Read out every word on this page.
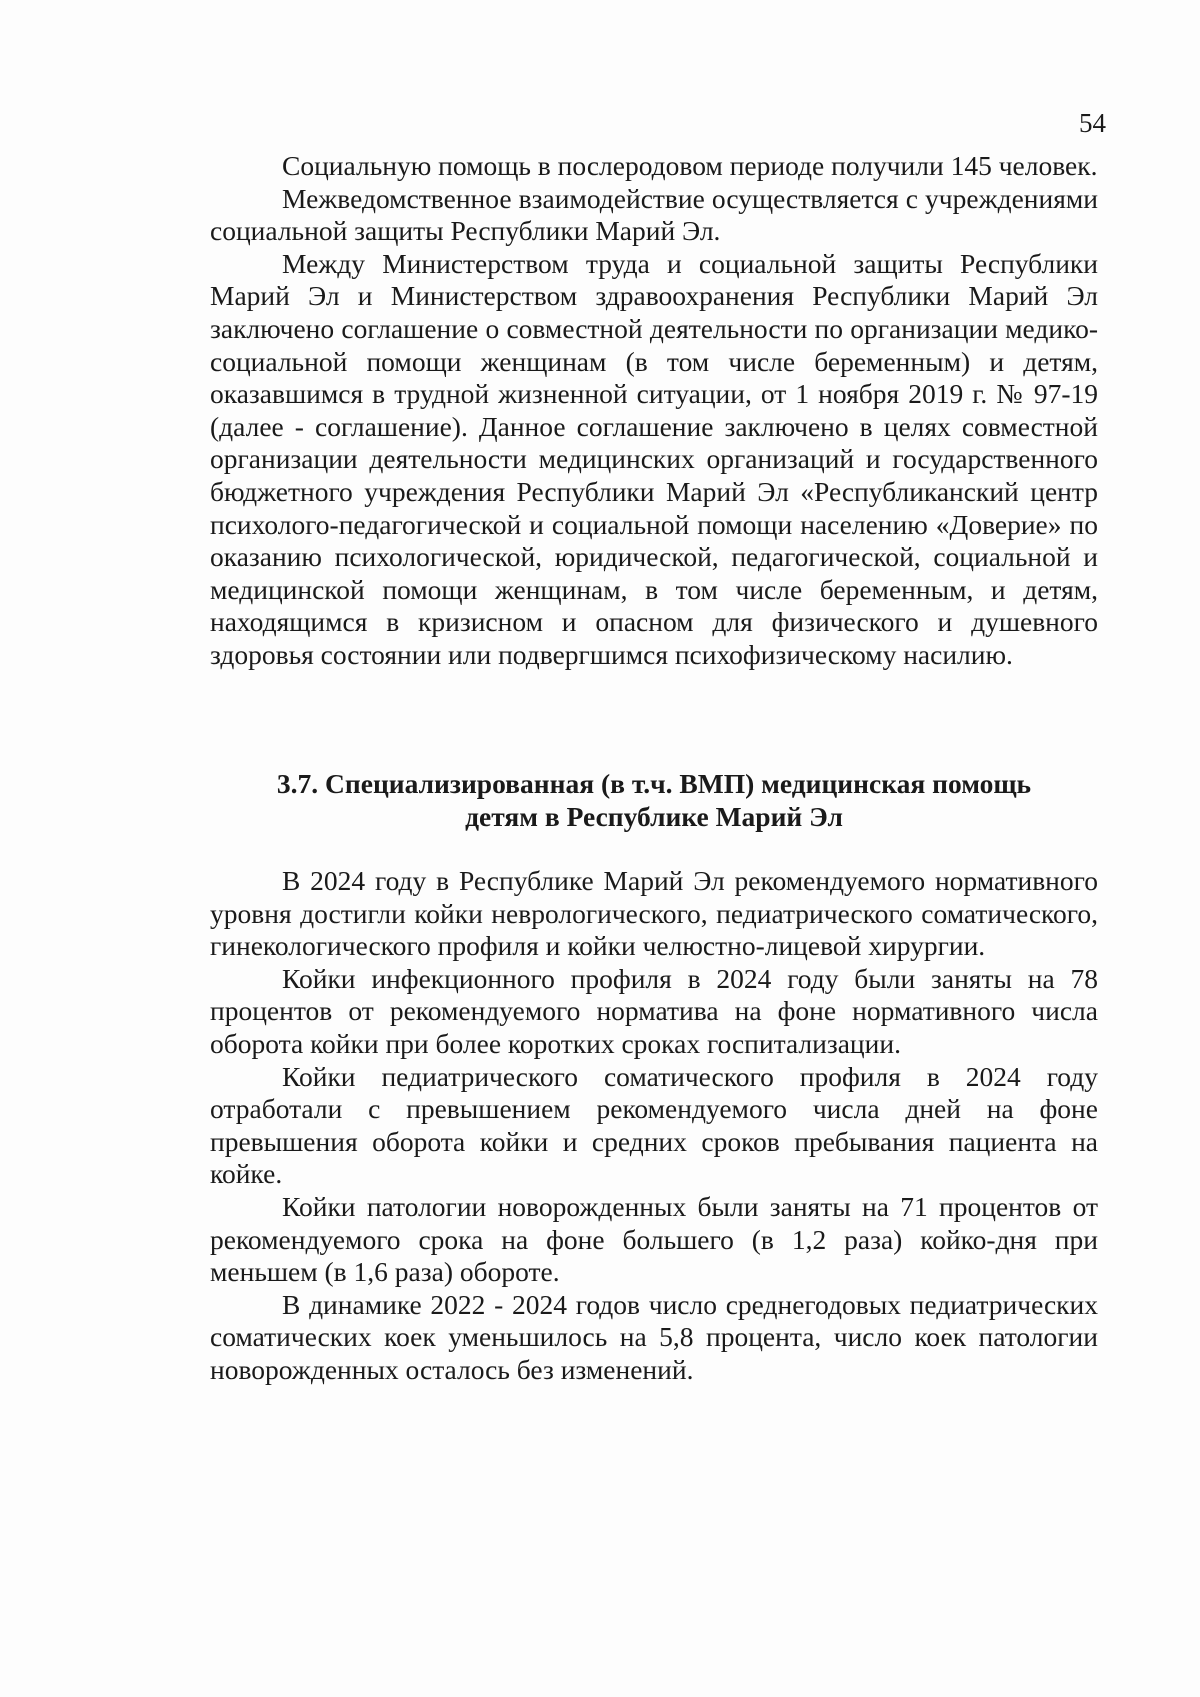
54

Социальную помощь в послеродовом периоде получили 145 человек.

Межведомственное взаимодействие осуществляется с учреждениями социальной защиты Республики Марий Эл.

Между Министерством труда и социальной защиты Республики Марий Эл и Министерством здравоохранения Республики Марий Эл заключено соглашение о совместной деятельности по организации медико-социальной помощи женщинам (в том числе беременным) и детям, оказавшимся в трудной жизненной ситуации, от 1 ноября 2019 г. № 97-19 (далее - соглашение). Данное соглашение заключено в целях совместной организации деятельности медицинских организаций и государственного бюджетного учреждения Республики Марий Эл «Республиканский центр психолого-педагогической и социальной помощи населению «Доверие» по оказанию психологической, юридической, педагогической, социальной и медицинской помощи женщинам, в том числе беременным, и детям, находящимся в кризисном и опасном для физического и душевного здоровья состоянии или подвергшимся психофизическому насилию.

3.7. Специализированная (в т.ч. ВМП) медицинская помощь
детям в Республике Марий Эл

В 2024 году в Республике Марий Эл рекомендуемого нормативного уровня достигли койки неврологического, педиатрического соматического, гинекологического профиля и койки челюстно-лицевой хирургии.

Койки инфекционного профиля в 2024 году были заняты на 78 процентов от рекомендуемого норматива на фоне нормативного числа оборота койки при более коротких сроках госпитализации.

Койки педиатрического соматического профиля в 2024 году отработали с превышением рекомендуемого числа дней на фоне превышения оборота койки и средних сроков пребывания пациента на койке.

Койки патологии новорожденных были заняты на 71 процентов от рекомендуемого срока на фоне большего (в 1,2 раза) койко-дня при меньшем (в 1,6 раза) обороте.

В динамике 2022 - 2024 годов число среднегодовых педиатрических соматических коек уменьшилось на 5,8 процента, число коек патологии новорожденных осталось без изменений.
